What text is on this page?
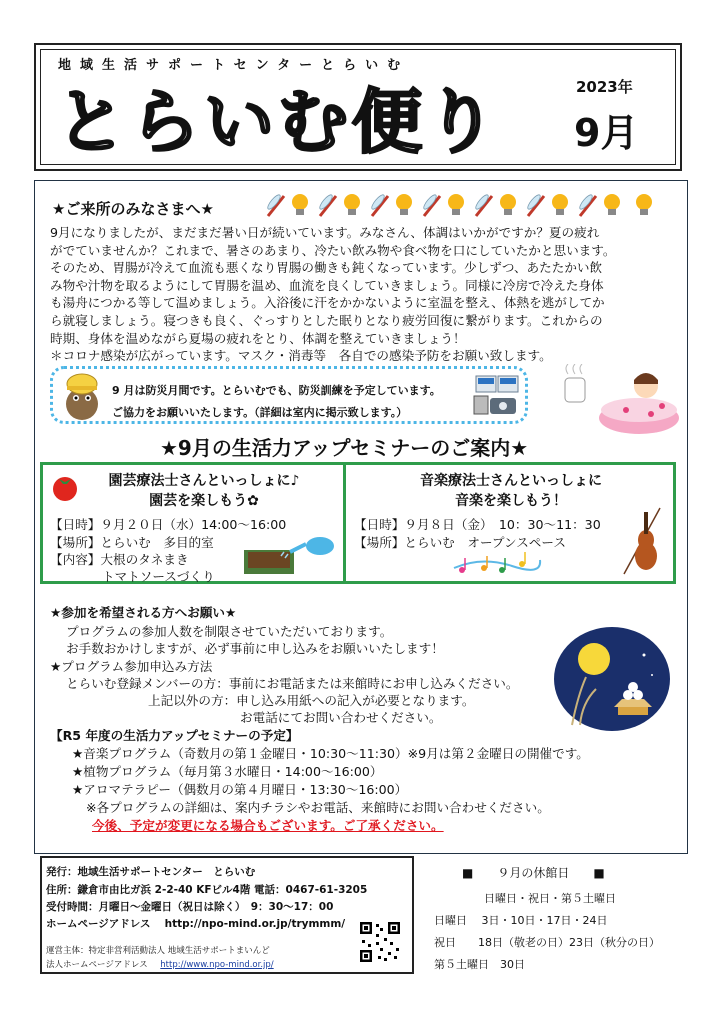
地域生活サポートセンターとらいむ
とらいむ便り	2023年
9月
★ご来所のみなさまへ★
9月になりましたが、まだまだ暑い日が続いています。みなさん、体調はいかがですか？夏の疲れ
がでていませんか？これまで、暑さのあまり、冷たい飲み物や食べ物を口にしていたかと思います。
そのため、胃腸が冷えて血流も悪くなり胃腸の働きも鈍くなっています。少しずつ、あたたかい飲
み物や汁物を取るようにして胃腸を温め、血流を良くしていきましょう。同様に冷房で冷えた身体
も湯舟につかる等して温めましょう。入浴後に汗をかかないように室温を整え、体熱を逃がしてか
ら就寝しましょう。寝つきも良く、ぐっすりとした眠りとなり疲労回復に繋がります。これからの
時期、身体を温めながら夏場の疲れをとり、体調を整えていきましょう！
＊コロナ感染が広がっています。マスク・消毒等　各自での感染予防をお願い致します。
9 月は防災月間です。とらいむでも、防災訓練を予定しています。
ご協力をお願いいたします。（詳細は室内に掲示致します。）
★9月の生活力アップセミナーのご案内★
園芸療法士さんといっしょに♪
園芸を楽しもう✿
【日時】９月２０日（水）14:00～16:00
【場所】とらいむ　多目的室
【内容】大根のタネまき
トマトソースづくり
音楽療法士さんといっしょに
音楽を楽しもう！
【日時】９月８日（金）　10：30～11：30
【場所】とらいむ　オープンスペース
★参加を希望される方へお願い★
プログラムの参加人数を制限させていただいております。
お手数おかけしますが、必ず事前に申し込みをお願いいたします！
★プログラム参加申込み方法
とらいむ登録メンバーの方：事前にお電話または来館時にお申し込みください。
上記以外の方：申し込み用紙への記入が必要となります。
お電話にてお問い合わせください。
【R5 年度の生活力アップセミナーの予定】
★音楽プログラム（奇数月の第１金曜日・10:30～11:30）※9月は第２金曜日の開催です。
★植物プログラム（毎月第３水曜日・14:00～16:00）
★アロマテラピー（偶数月の第４月曜日・13:30～16:00）
※各プログラムの詳細は、案内チラシやお電話、来館時にお問い合わせください。
今後、予定が変更になる場合もございます。ご了承ください。
発行：地域生活サポートセンター　とらいむ
住所：鎌倉市由比ガ浜 2-2-40 KFビル4階 電話：0467-61-3205
受付時間：月曜日～金曜日（祝日は除く）　9：30～17：00
ホームページアドレス　 http://npo-mind.or.jp/trymmm/
運営主体：特定非営利活動法人 地域生活サポートまいんど
法人ホームページアドレス http://www.npo-mind.or.jp/
■　　９月の休館日　　■
日曜日・祝日・第５土曜日
日曜日　 3日・10日・17日・24日
祝日　　18日（敬老の日）23日（秋分の日）
第５土曜日　30日
